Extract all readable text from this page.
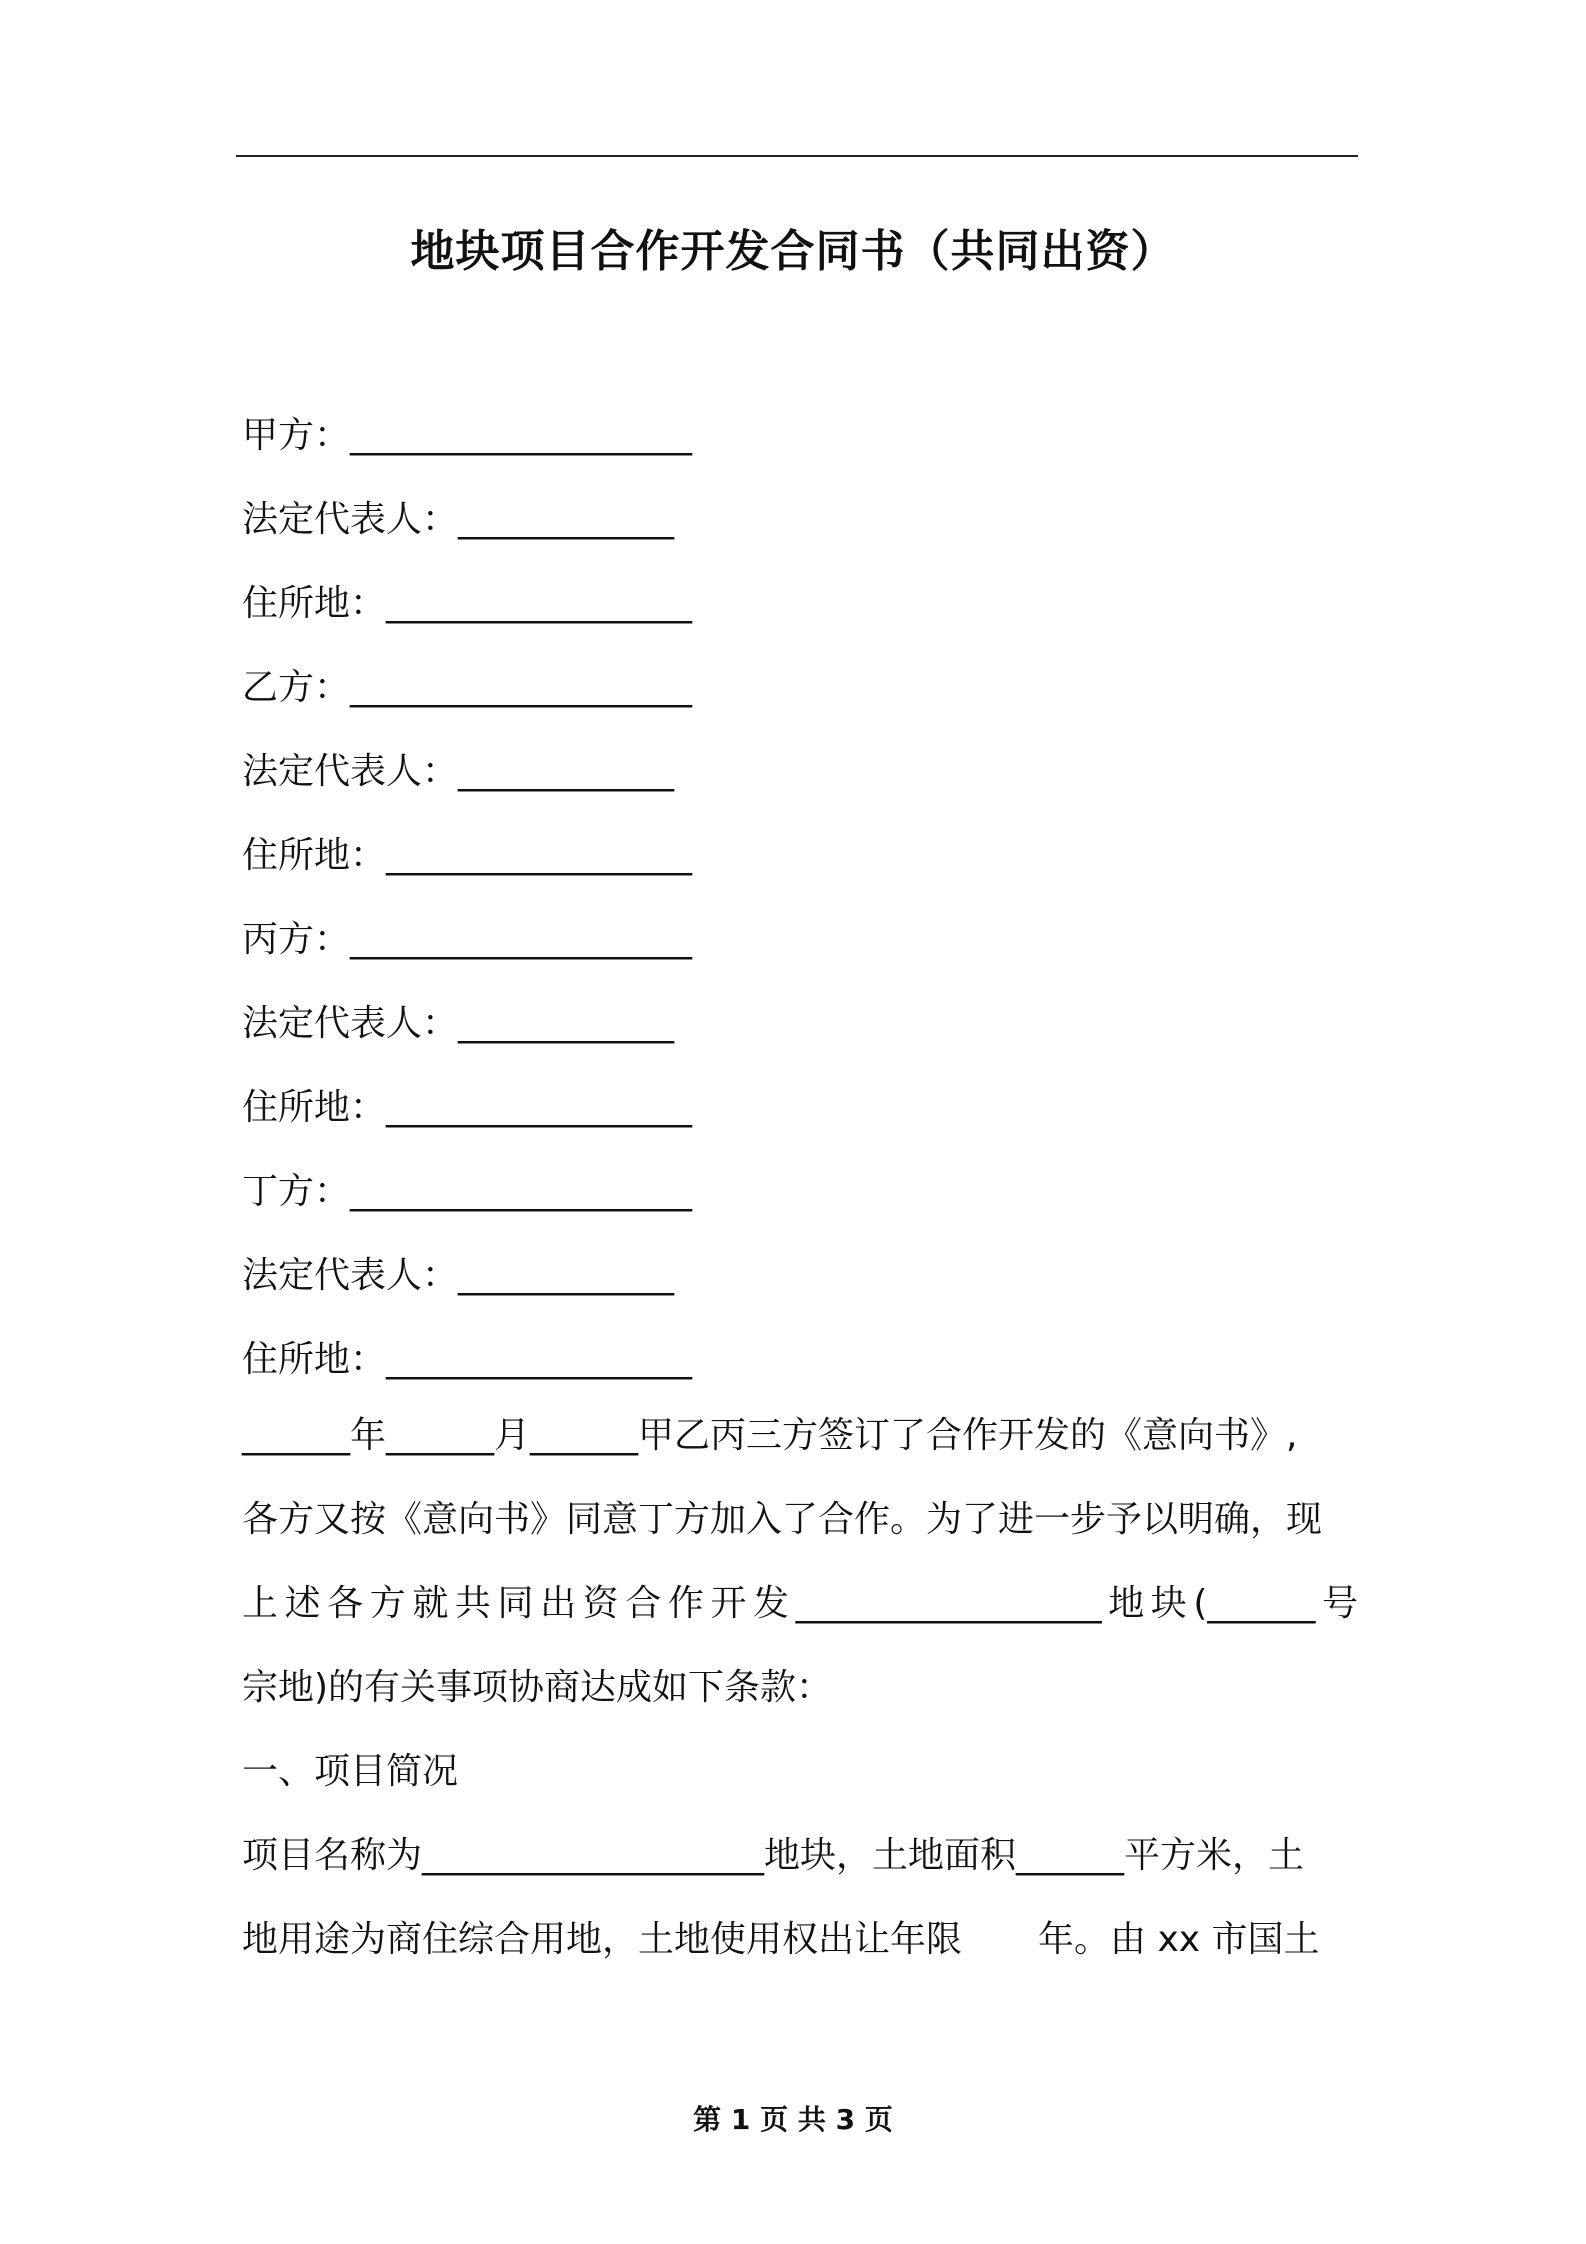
地块项目合作开发合同书（共同出资）
甲方：___________________
法定代表人：____________
住所地：_________________
乙方：___________________
法定代表人：____________
住所地：_________________
丙方：___________________
法定代表人：____________
住所地：_________________
丁方：___________________
法定代表人：____________
住所地：_________________
______年______月______甲乙丙三方签订了合作开发的《意向书》,
各方又按《意向书》同意丁方加入了合作。为了进一步予以明确，现
上述各方就共同出资合作开发_________________地块(______号
宗地)的有关事项协商达成如下条款：
一、项目简况
项目名称为___________________地块，土地面积______平方米，土
地用途为商住综合用地，土地使用权出让年限 年。由 xx 市国土
第 1 页 共 3 页
